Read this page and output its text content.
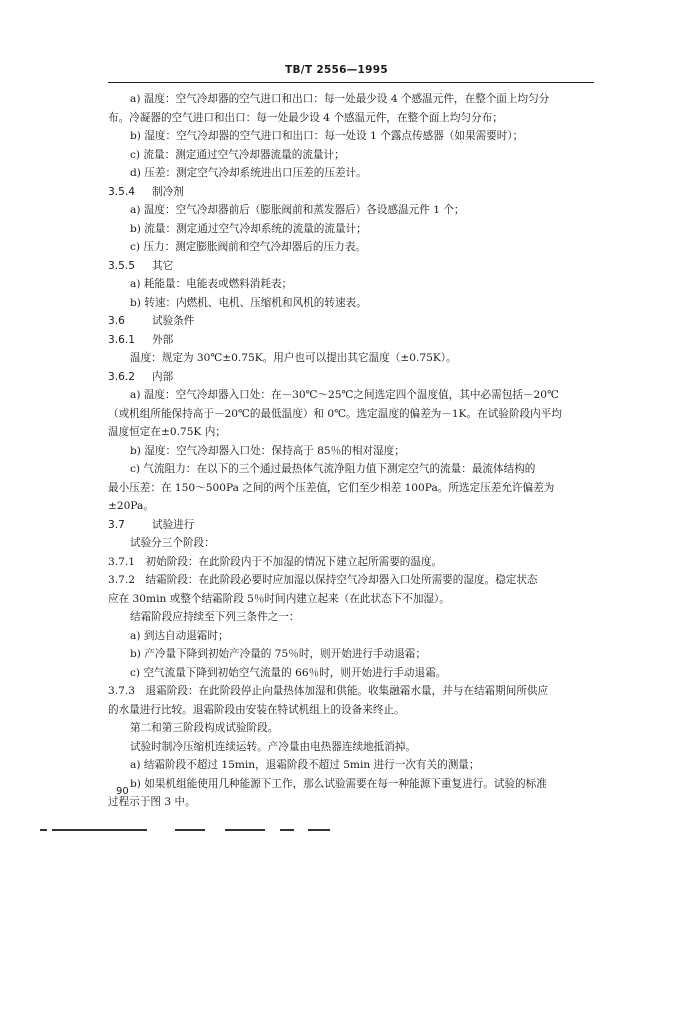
TB/T 2556—1995

a) 温度：空气冷却器的空气进口和出口：每一处最少设 4 个感温元件，在整个面上均匀分

布。冷凝器的空气进口和出口：每一处最少设 4 个感温元件，在整个面上均匀分布；

b) 湿度：空气冷却器的空气进口和出口：每一处设 1 个露点传感器（如果需要时）；

c) 流量：测定通过空气冷却器流量的流量计；

d) 压差：测定空气冷却系统进出口压差的压差计。

3.5.4 制冷剂

a) 温度：空气冷却器前后（膨胀阀前和蒸发器后）各设感温元件 1 个；

b) 流量：测定通过空气冷却系统的流量的流量计；

c) 压力：测定膨胀阀前和空气冷却器后的压力表。

3.5.5 其它

a) 耗能量：电能表或燃料消耗表；

b) 转速：内燃机、电机、压缩机和风机的转速表。

3.6	试验条件

3.6.1 外部

温度：规定为 30℃±0.75K。用户也可以提出其它温度（±0.75K）。

3.6.2 内部

a) 温度：空气冷却器入口处：在－30℃～25℃之间选定四个温度值，其中必需包括－20℃

（或机组所能保持高于－20℃的最低温度）和 0℃。选定温度的偏差为－1K。在试验阶段内平均

温度恒定在±0.75K 内；

b) 湿度：空气冷却器入口处：保持高于 85％的相对湿度；

c) 气流阻力：在以下的三个通过最热体气流净阻力值下测定空气的流量：最流体结构的

最小压差：在 150～500Pa 之间的两个压差值，它们至少相差 100Pa。所选定压差允许偏差为

±20Pa。

3.7	试验进行

试验分三个阶段：

3.7.1　初始阶段：在此阶段内于不加湿的情况下建立起所需要的温度。

3.7.2　结霜阶段：在此阶段必要时应加湿以保持空气冷却器入口处所需要的湿度。稳定状态

应在 30min 或整个结霜阶段 5％时间内建立起来（在此状态下不加湿）。

结霜阶段应持续至下列三条件之一：

a) 到达自动退霜时；

b) 产冷量下降到初始产冷量的 75％时，则开始进行手动退霜；

c) 空气流量下降到初始空气流量的 66％时，则开始进行手动退霜。

3.7.3　退霜阶段：在此阶段停止向量热体加湿和供能。收集融霜水量，并与在结霜期间所供应

的水量进行比较。退霜阶段由安装在特试机组上的设备来终止。

第二和第三阶段构成试验阶段。

试验时制冷压缩机连续运转。产冷量由电热器连续地抵消掉。

a) 结霜阶段不超过 15min，退霜阶段不超过 5min 进行一次有关的测量；

b) 如果机组能使用几种能源下工作，那么试验需要在每一种能源下重复进行。试验的标准

过程示于图 3 中。

90
